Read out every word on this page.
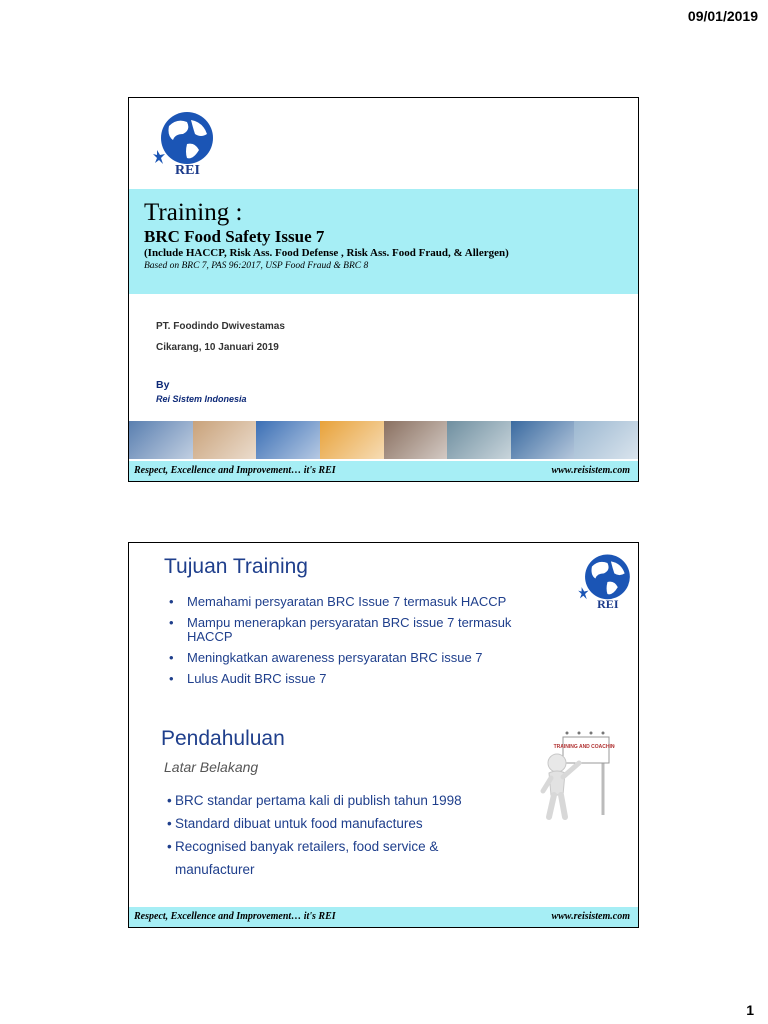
09/01/2019
REI
Training :
BRC Food Safety Issue 7
(Include HACCP, Risk Ass. Food Defense , Risk Ass. Food Fraud, & Allergen)
Based on BRC 7, PAS 96:2017, USP Food Fraud & BRC 8
PT. Foodindo Dwivestamas
Cikarang, 10 Januari 2019
By
Rei Sistem Indonesia
Respect, Excellence and Improvement… it's REI	www.reisistem.com
Tujuan Training
REI
• Memahami persyaratan BRC Issue 7 termasuk HACCP
• Mampu menerapkan persyaratan BRC issue 7 termasuk HACCP
• Meningkatkan awareness persyaratan BRC issue 7
• Lulus Audit BRC issue 7
Pendahuluan
Latar Belakang
• BRC standar pertama kali di publish tahun 1998
• Standard dibuat untuk food manufactures
• Recognised banyak retailers, food service & manufacturer
TRAINING AND COACHING
Respect, Excellence and Improvement… it's REI	www.reisistem.com
1
